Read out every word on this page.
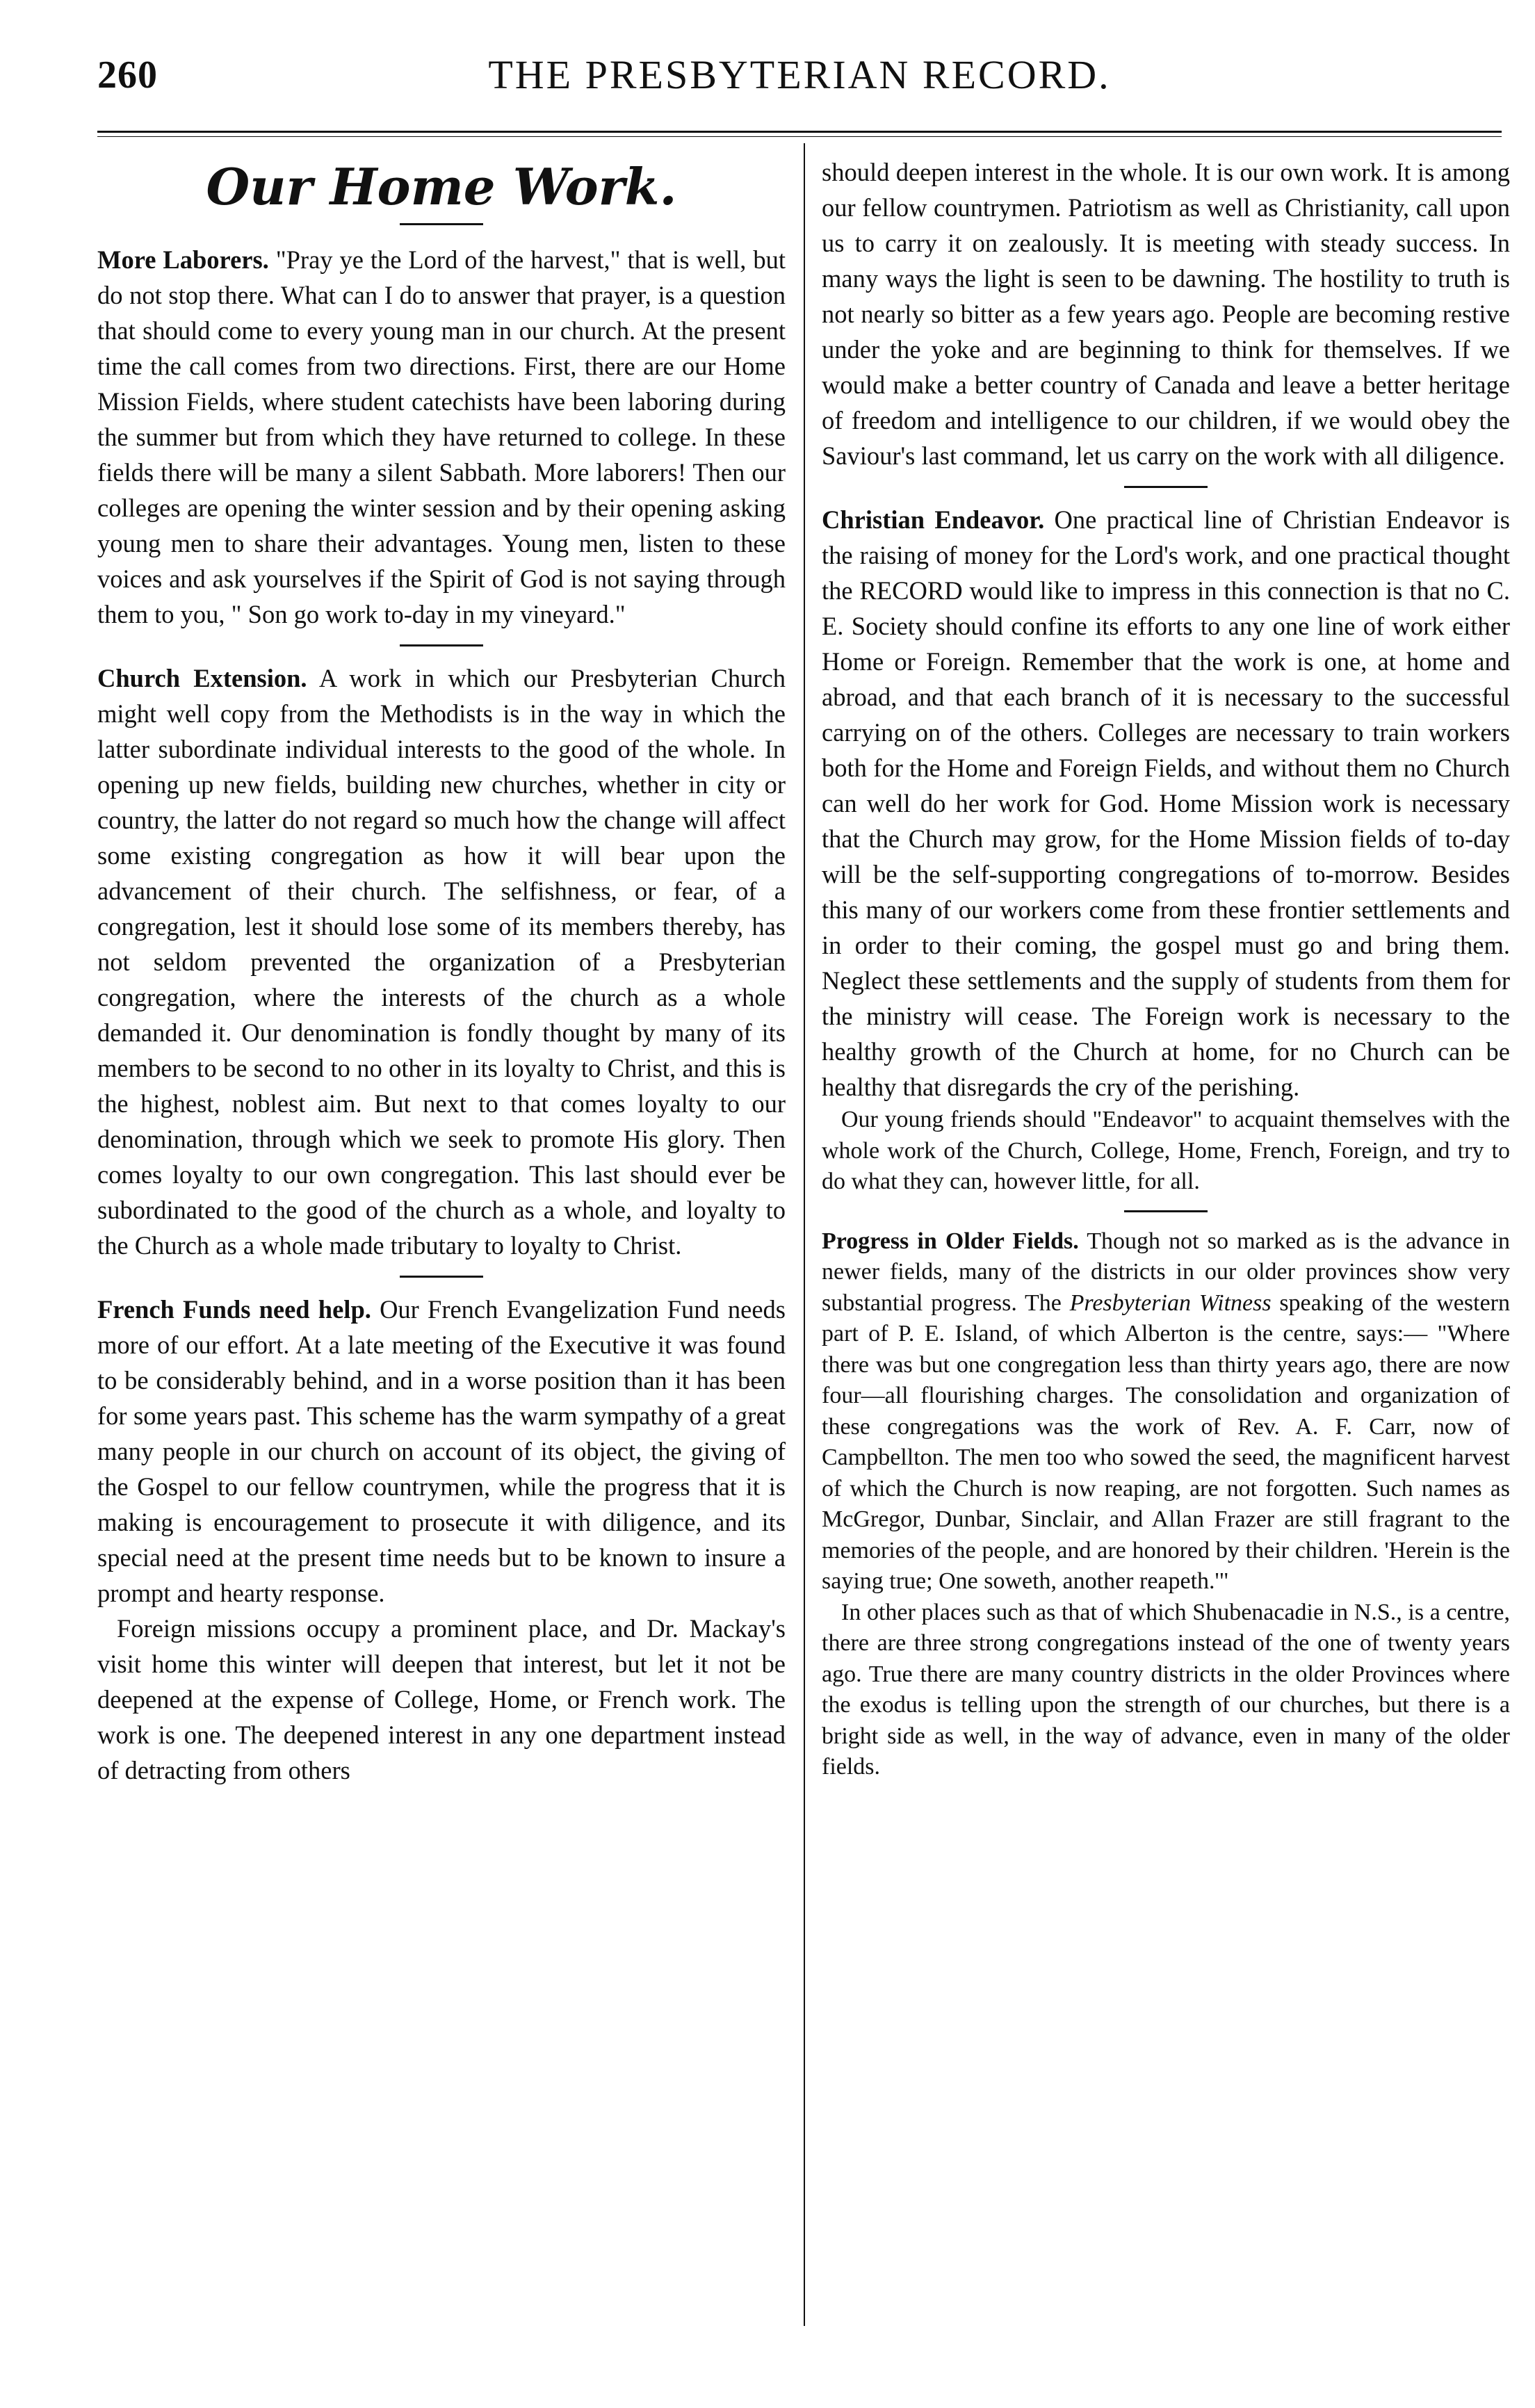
260	THE PRESBYTERIAN RECORD.
Our Home Work.

More Laborers. "Pray ye the Lord of the harvest," that is well, but do not stop there. What can I do to answer that prayer, is a question that should come to every young man in our church. At the present time the call comes from two directions. First, there are our Home Mission Fields, where student catechists have been laboring during the summer but from which they have returned to college. In these fields there will be many a silent Sabbath. More laborers! Then our colleges are opening the winter session and by their opening asking young men to share their advantages. Young men, listen to these voices and ask yourselves if the Spirit of God is not saying through them to you, " Son go work to-day in my vineyard."

Church Extension. A work in which our Presbyterian Church might well copy from the Methodists is in the way in which the latter subordinate individual interests to the good of the whole. In opening up new fields, building new churches, whether in city or country, the latter do not regard so much how the change will affect some existing congregation as how it will bear upon the advancement of their church. The selfishness, or fear, of a congregation, lest it should lose some of its members thereby, has not seldom prevented the organization of a Presbyterian congregation, where the interests of the church as a whole demanded it. Our denomination is fondly thought by many of its members to be second to no other in its loyalty to Christ, and this is the highest, noblest aim. But next to that comes loyalty to our denomination, through which we seek to promote His glory. Then comes loyalty to our own congregation. This last should ever be subordinated to the good of the church as a whole, and loyalty to the Church as a whole made tributary to loyalty to Christ.

French Funds need help. Our French Evangelization Fund needs more of our effort. At a late meeting of the Executive it was found to be considerably behind, and in a worse position than it has been for some years past. This scheme has the warm sympathy of a great many people in our church on account of its object, the giving of the Gospel to our fellow countrymen, while the progress that it is making is encouragement to prosecute it with diligence, and its special need at the present time needs but to be known to insure a prompt and hearty response.

Foreign missions occupy a prominent place, and Dr. Mackay's visit home this winter will deepen that interest, but let it not be deepened at the expense of College, Home, or French work. The work is one. The deepened interest in any one department instead of detracting from others

should deepen interest in the whole. It is our own work. It is among our fellow countrymen. Patriotism as well as Christianity, call upon us to carry it on zealously. It is meeting with steady success. In many ways the light is seen to be dawning. The hostility to truth is not nearly so bitter as a few years ago. People are becoming restive under the yoke and are beginning to think for themselves. If we would make a better country of Canada and leave a better heritage of freedom and intelligence to our children, if we would obey the Saviour's last command, let us carry on the work with all diligence.

Christian Endeavor. One practical line of Christian Endeavor is the raising of money for the Lord's work, and one practical thought the RECORD would like to impress in this connection is that no C. E. Society should confine its efforts to any one line of work either Home or Foreign. Remember that the work is one, at home and abroad, and that each branch of it is necessary to the successful carrying on of the others. Colleges are necessary to train workers both for the Home and Foreign Fields, and without them no Church can well do her work for God. Home Mission work is necessary that the Church may grow, for the Home Mission fields of to-day will be the self-supporting congregations of to-morrow. Besides this many of our workers come from these frontier settlements and in order to their coming, the gospel must go and bring them. Neglect these settlements and the supply of students from them for the ministry will cease. The Foreign work is necessary to the healthy growth of the Church at home, for no Church can be healthy that disregards the cry of the perishing.

Our young friends should "Endeavor" to acquaint themselves with the whole work of the Church, College, Home, French, Foreign, and try to do what they can, however little, for all.

Progress in Older Fields. Though not so marked as is the advance in newer fields, many of the districts in our older provinces show very substantial progress. The Presbyterian Witness speaking of the western part of P. E. Island, of which Alberton is the centre, says:— "Where there was but one congregation less than thirty years ago, there are now four—all flourishing charges. The consolidation and organization of these congregations was the work of Rev. A. F. Carr, now of Campbellton. The men too who sowed the seed, the magnificent harvest of which the Church is now reaping, are not forgotten. Such names as McGregor, Dunbar, Sinclair, and Allan Frazer are still fragrant to the memories of the people, and are honored by their children. 'Herein is the saying true; One soweth, another reapeth.'"

In other places such as that of which Shubenacadie in N.S., is a centre, there are three strong congregations instead of the one of twenty years ago. True there are many country districts in the older Provinces where the exodus is telling upon the strength of our churches, but there is a bright side as well, in the way of advance, even in many of the older fields.
